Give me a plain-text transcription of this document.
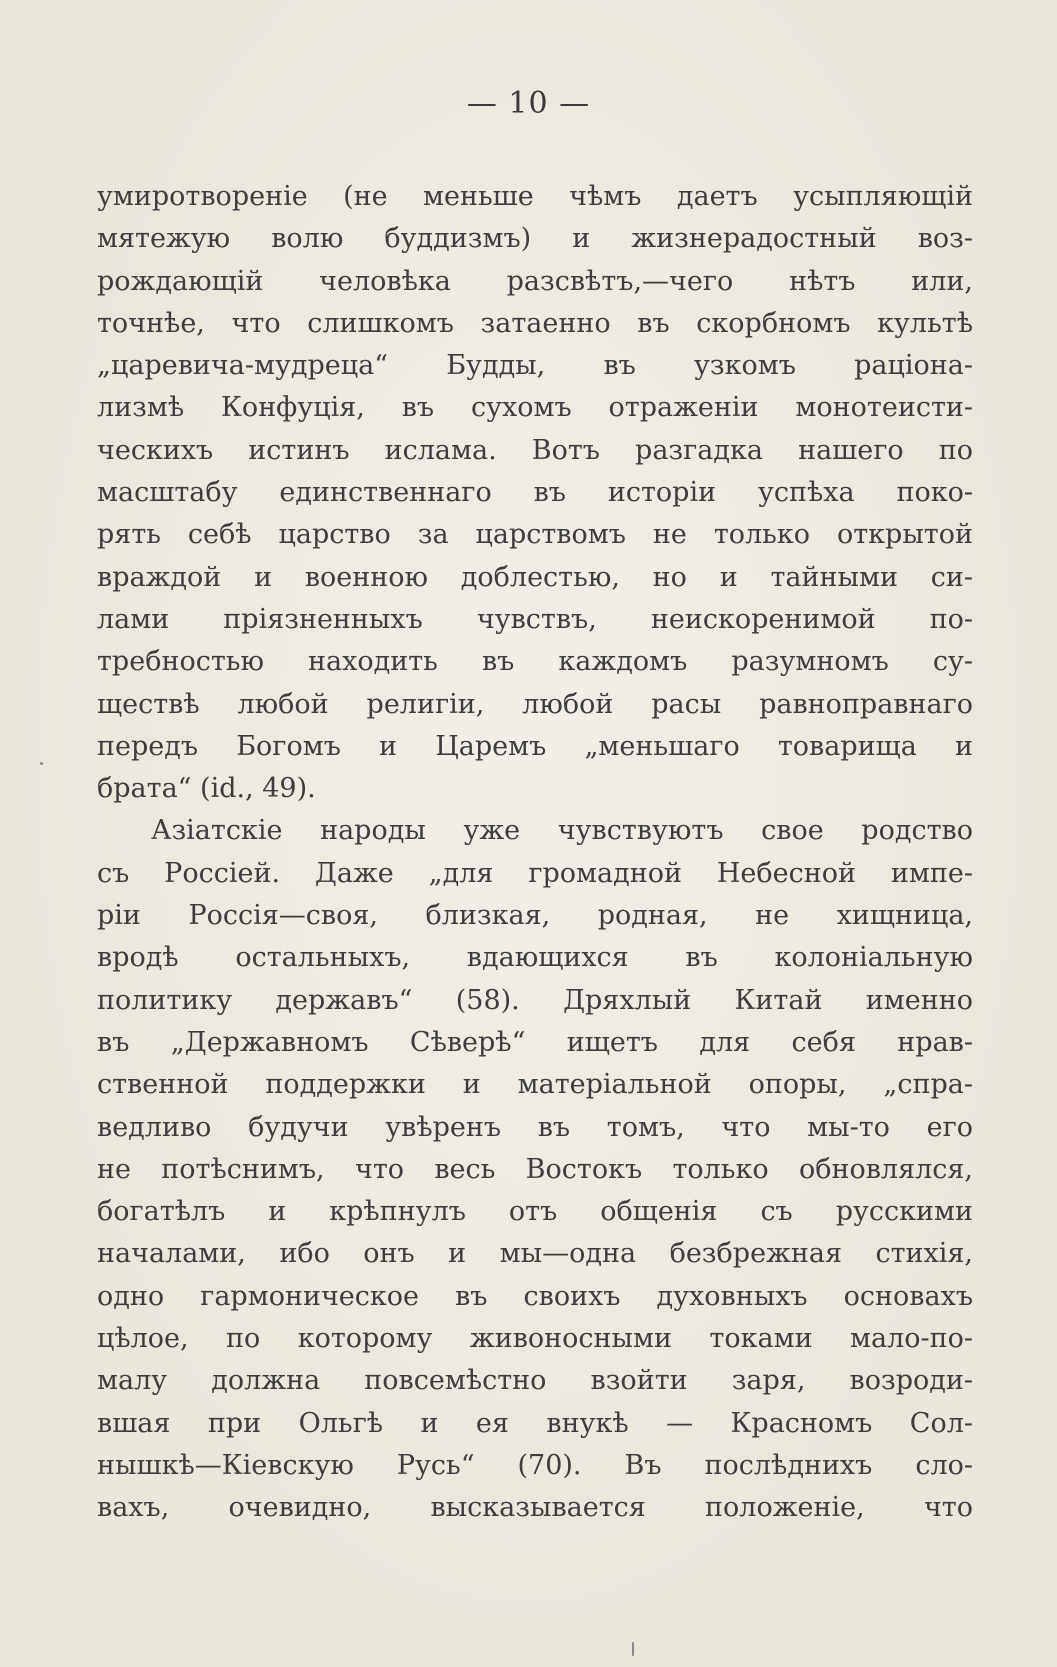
— 10 —
умиротвореніе (не меньше чѣмъ даетъ усыпляющій
мятежую волю буддизмъ) и жизнерадостный воз-
рождающій человѣка разсвѣтъ,—чего нѣтъ или,
точнѣе, что слишкомъ затаенно въ скорбномъ культѣ
„царевича-мудреца“ Будды, въ узкомъ раціона-
лизмѣ Конфуція, въ сухомъ отраженіи монотеисти-
ческихъ истинъ ислама. Вотъ разгадка нашего по
масштабу единственнаго въ исторіи успѣха поко-
рять себѣ царство за царствомъ не только открытой
враждой и военною доблестью, но и тайными си-
лами пріязненныхъ чувствъ, неискоренимой по-
требностью находить въ каждомъ разумномъ су-
ществѣ любой религіи, любой расы равноправнаго
передъ Богомъ и Царемъ „меньшаго товарища и
брата“ (id., 49).
Азіатскіе народы уже чувствуютъ свое родство
съ Россіей. Даже „для громадной Небесной импе-
ріи Россія—своя, близкая, родная, не хищница,
вродѣ остальныхъ, вдающихся въ колоніальную
политику державъ“ (58). Дряхлый Китай именно
въ „Державномъ Сѣверѣ“ ищетъ для себя нрав-
ственной поддержки и матеріальной опоры, „спра-
ведливо будучи увѣренъ въ томъ, что мы-то его
не потѣснимъ, что весь Востокъ только обновлялся,
богатѣлъ и крѣпнулъ отъ общенія съ русскими
началами, ибо онъ и мы—одна безбрежная стихія,
одно гармоническое въ своихъ духовныхъ основахъ
цѣлое, по которому живоносными токами мало-по-
малу должна повсемѣстно взойти заря, возроди-
вшая при Ольгѣ и ея внукѣ — Красномъ Сол-
нышкѣ—Кіевскую Русь“ (70). Въ послѣднихъ сло-
вахъ, очевидно, высказывается положеніе, что
